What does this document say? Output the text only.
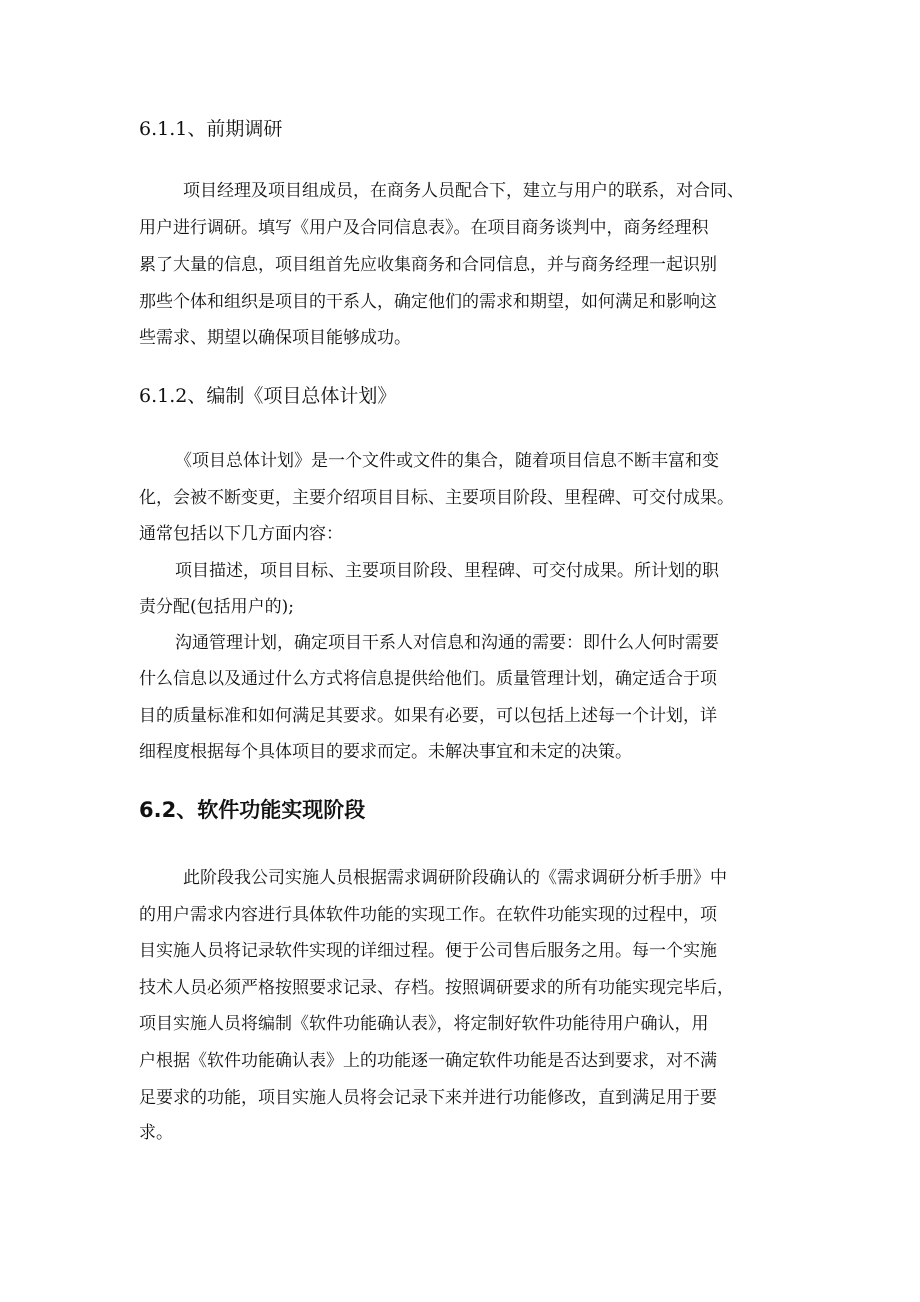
6.1.1、前期调研
项目经理及项目组成员，在商务人员配合下，建立与用户的联系，对合同、
用户进行调研。填写《用户及合同信息表》。在项目商务谈判中，商务经理积
累了大量的信息，项目组首先应收集商务和合同信息，并与商务经理一起识别
那些个体和组织是项目的干系人，确定他们的需求和期望，如何满足和影响这
些需求、期望以确保项目能够成功。
6.1.2、编制《项目总体计划》
《项目总体计划》是一个文件或文件的集合，随着项目信息不断丰富和变
化，会被不断变更，主要介绍项目目标、主要项目阶段、里程碑、可交付成果。
通常包括以下几方面内容：
项目描述，项目目标、主要项目阶段、里程碑、可交付成果。所计划的职
责分配(包括用户的);
沟通管理计划，确定项目干系人对信息和沟通的需要：即什么人何时需要
什么信息以及通过什么方式将信息提供给他们。质量管理计划，确定适合于项
目的质量标准和如何满足其要求。如果有必要，可以包括上述每一个计划，详
细程度根据每个具体项目的要求而定。未解决事宜和未定的决策。
6.2、软件功能实现阶段
此阶段我公司实施人员根据需求调研阶段确认的《需求调研分析手册》中
的用户需求内容进行具体软件功能的实现工作。在软件功能实现的过程中，项
目实施人员将记录软件实现的详细过程。便于公司售后服务之用。每一个实施
技术人员必须严格按照要求记录、存档。按照调研要求的所有功能实现完毕后，
项目实施人员将编制《软件功能确认表》，将定制好软件功能待用户确认，用
户根据《软件功能确认表》上的功能逐一确定软件功能是否达到要求，对不满
足要求的功能，项目实施人员将会记录下来并进行功能修改，直到满足用于要
求。
